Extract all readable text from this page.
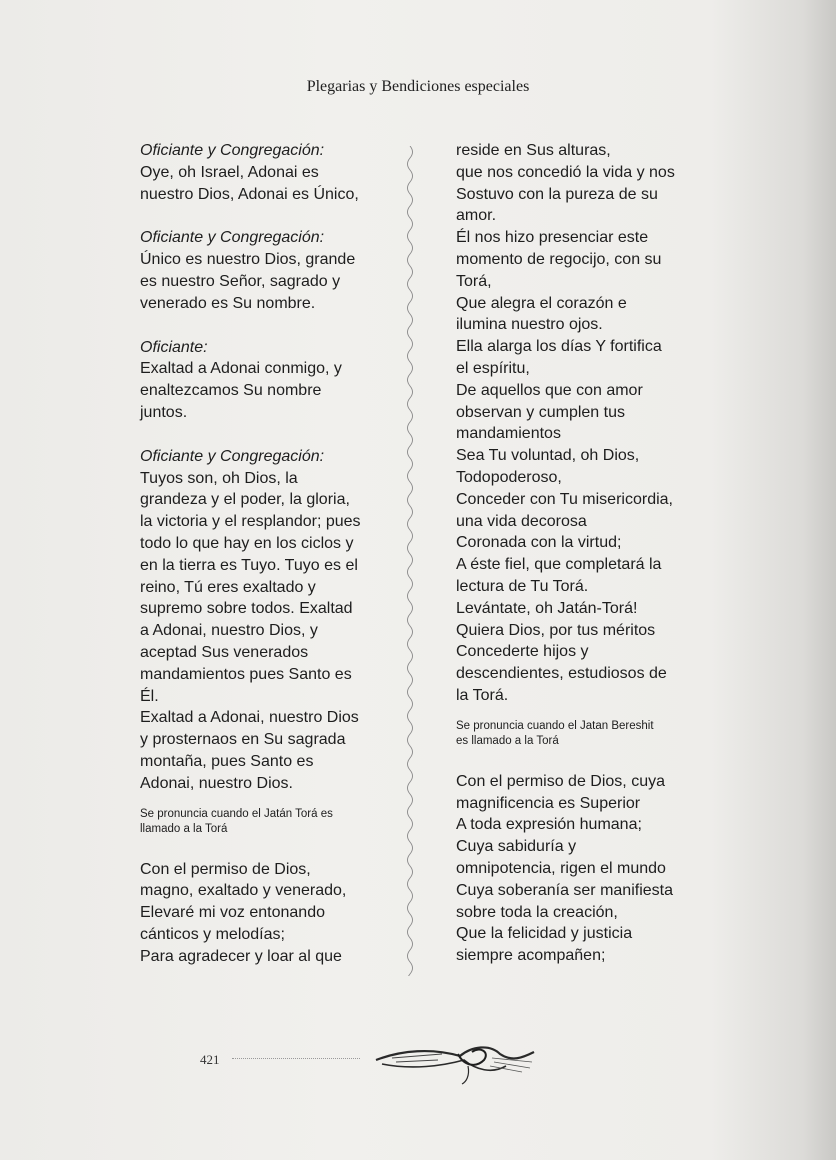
Plegarias y Bendiciones especiales
Oficiante y Congregación:
Oye, oh Israel, Adonai es
nuestro Dios, Adonai es Único,
Oficiante y Congregación:
Único es nuestro Dios, grande
es nuestro Señor, sagrado y
venerado es Su nombre.
Oficiante:
Exaltad a Adonai conmigo, y
enaltezcamos Su nombre
juntos.
Oficiante y Congregación:
Tuyos son, oh Dios, la
grandeza y el poder, la gloria,
la victoria y el resplandor; pues
todo lo que hay en los ciclos y
en la tierra es Tuyo. Tuyo es el
reino, Tú eres exaltado y
supremo sobre todos. Exaltad
a Adonai, nuestro Dios, y
aceptad Sus venerados
mandamientos pues Santo es
Él.
Exaltad a Adonai, nuestro Dios
y prosternaos en Su sagrada
montaña, pues Santo es
Adonai, nuestro Dios.
Se pronuncia cuando el Jatán Torá es
llamado a la Torá
Con el permiso de Dios,
magno, exaltado y venerado,
Elevaré mi voz entonando
cánticos y melodías;
Para agradecer y loar al que
reside en Sus alturas,
que nos concedió la vida y nos
Sostuvo con la pureza de su
amor.
Él nos hizo presenciar este
momento de regocijo, con su
Torá,
Que alegra el corazón e
ilumina nuestro ojos.
Ella alarga los días Y fortifica
el espíritu,
De aquellos que con amor
observan y cumplen tus
mandamientos
Sea Tu voluntad, oh Dios,
Todopoderoso,
Conceder con Tu misericordia,
una vida decorosa
Coronada con la virtud;
A éste fiel, que completará la
lectura de Tu Torá.
Levántate, oh Jatán-Torá!
Quiera Dios, por tus méritos
Concederte hijos y
descendientes, estudiosos de
la Torá.
Se pronuncia cuando el Jatan Bereshit
es llamado a la Torá
Con el permiso de Dios, cuya
magnificencia es Superior
A toda expresión humana;
Cuya sabiduría y
omnipotencia, rigen el mundo
Cuya soberanía ser manifiesta
sobre toda la creación,
Que la felicidad y justicia
siempre acompañen;
421
